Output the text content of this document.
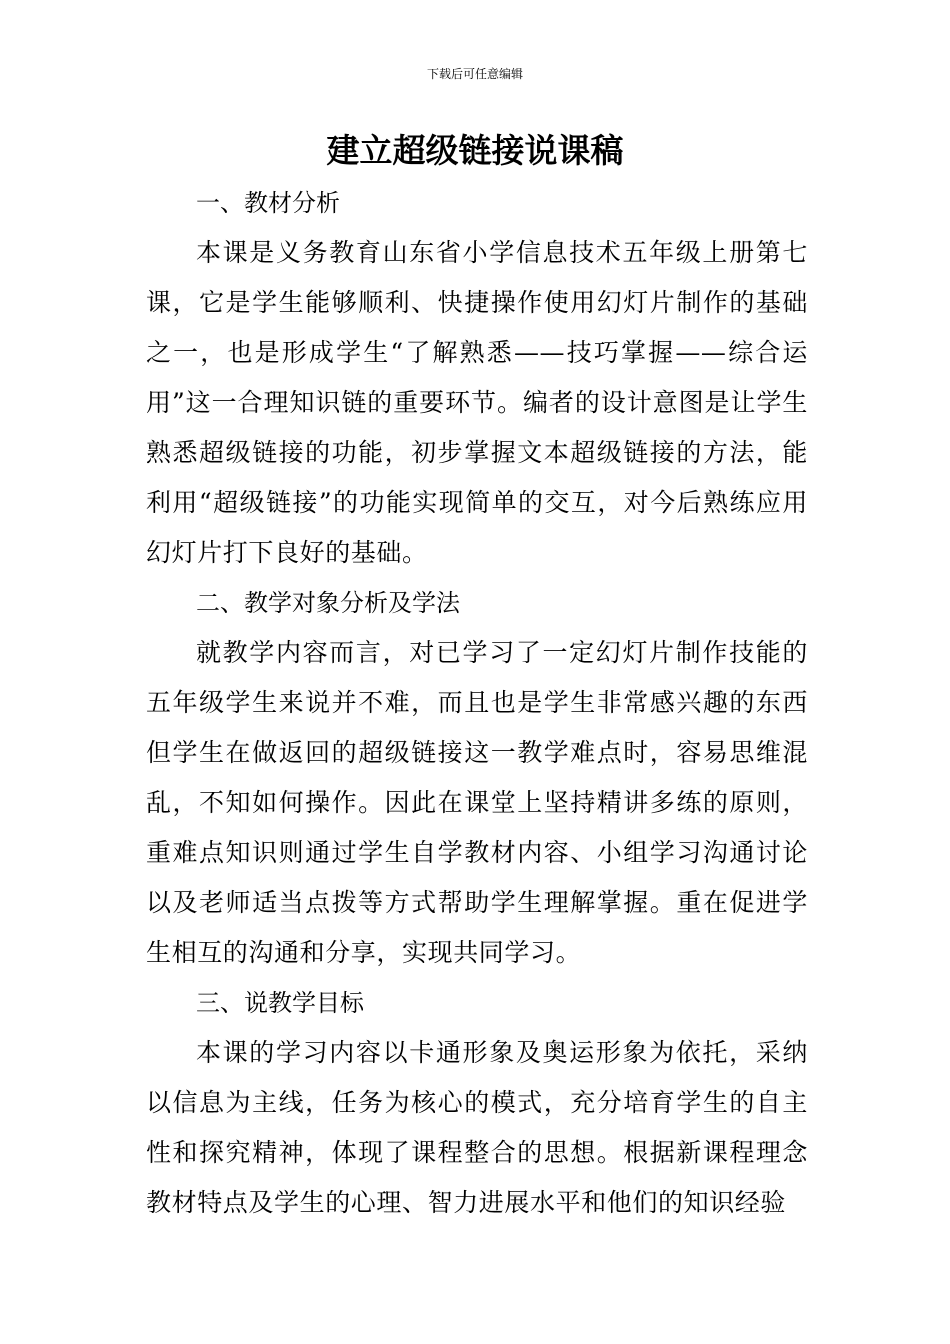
下载后可任意编辑
建立超级链接说课稿

一、教材分析

本课是义务教育山东省小学信息技术五年级上册第七课，它是学生能够顺利、快捷操作使用幻灯片制作的基础之一，也是形成学生“了解熟悉——技巧掌握——综合运用”这一合理知识链的重要环节。编者的设计意图是让学生熟悉超级链接的功能，初步掌握文本超级链接的方法，能利用“超级链接”的功能实现简单的交互，对今后熟练应用幻灯片打下良好的基础。

二、教学对象分析及学法

就教学内容而言，对已学习了一定幻灯片制作技能的五年级学生来说并不难，而且也是学生非常感兴趣的东西但学生在做返回的超级链接这一教学难点时，容易思维混乱，不知如何操作。因此在课堂上坚持精讲多练的原则，重难点知识则通过学生自学教材内容、小组学习沟通讨论以及老师适当点拨等方式帮助学生理解掌握。重在促进学生相互的沟通和分享，实现共同学习。

三、说教学目标

本课的学习内容以卡通形象及奥运形象为依托，采纳以信息为主线，任务为核心的模式，充分培育学生的自主性和探究精神，体现了课程整合的思想。根据新课程理念教材特点及学生的心理、智力进展水平和他们的知识经验
